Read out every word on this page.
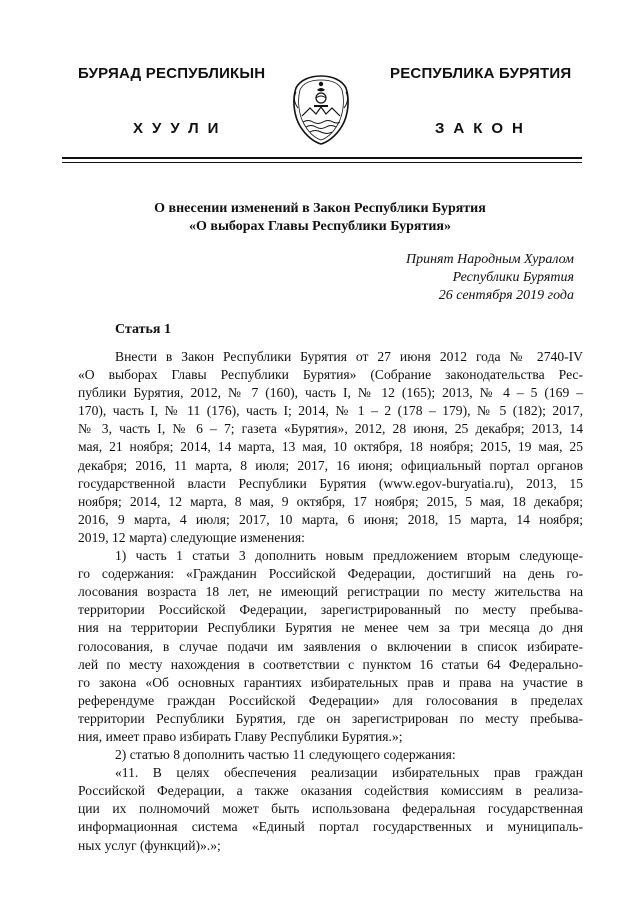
БУРЯАД РЕСПУБЛИКЫН	РЕСПУБЛИКА БУРЯТИЯ
ХУУЛИ	ЗАКОН
О внесении изменений в Закон Республики Бурятия
«О выборах Главы Республики Бурятия»
Принят Народным Хуралом
Республики Бурятия
26 сентября 2019 года
Статья 1
Внести в Закон Республики Бурятия от 27 июня 2012 года № 2740-IV
«О выборах Главы Республики Бурятия» (Собрание законодательства Рес-
публики Бурятия, 2012, № 7 (160), часть I, № 12 (165); 2013, № 4 – 5 (169 –
170), часть I, № 11 (176), часть I; 2014, № 1 – 2 (178 – 179), № 5 (182); 2017,
№ 3, часть I, № 6 – 7; газета «Бурятия», 2012, 28 июня, 25 декабря; 2013, 14
мая, 21 ноября; 2014, 14 марта, 13 мая, 10 октября, 18 ноября; 2015, 19 мая, 25
декабря; 2016, 11 марта, 8 июля; 2017, 16 июня; официальный портал органов
государственной власти Республики Бурятия (www.egov-buryatia.ru), 2013, 15
ноября; 2014, 12 марта, 8 мая, 9 октября, 17 ноября; 2015, 5 мая, 18 декабря;
2016, 9 марта, 4 июля; 2017, 10 марта, 6 июня; 2018, 15 марта, 14 ноября;
2019, 12 марта) следующие изменения:
1) часть 1 статьи 3 дополнить новым предложением вторым следующе-
го содержания: «Гражданин Российской Федерации, достигший на день го-
лосования возраста 18 лет, не имеющий регистрации по месту жительства на
территории Российской Федерации, зарегистрированный по месту пребыва-
ния на территории Республики Бурятия не менее чем за три месяца до дня
голосования, в случае подачи им заявления о включении в список избирате-
лей по месту нахождения в соответствии с пунктом 16 статьи 64 Федерально-
го закона «Об основных гарантиях избирательных прав и права на участие в
референдуме граждан Российской Федерации» для голосования в пределах
территории Республики Бурятия, где он зарегистрирован по месту пребыва-
ния, имеет право избирать Главу Республики Бурятия.»;
2) статью 8 дополнить частью 11 следующего содержания:
«11. В целях обеспечения реализации избирательных прав граждан
Российской Федерации, а также оказания содействия комиссиям в реализа-
ции их полномочий может быть использована федеральная государственная
информационная система «Единый портал государственных и муниципаль-
ных услуг (функций)».»;
